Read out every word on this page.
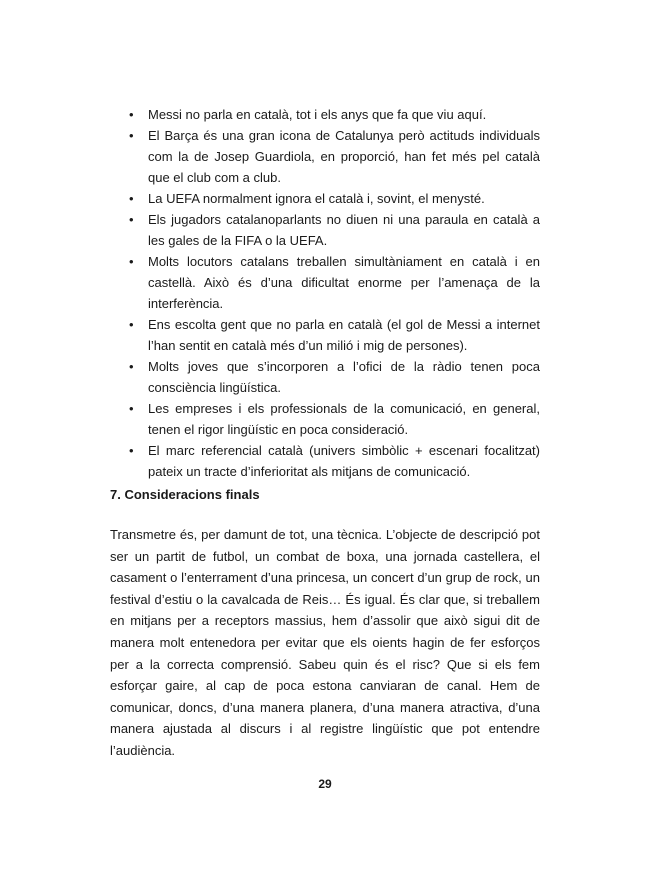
• Messi no parla en català, tot i els anys que fa que viu aquí.
• El Barça és una gran icona de Catalunya però actituds individuals com la de Josep Guardiola, en proporció, han fet més pel català que el club com a club.
• La UEFA normalment ignora el català i, sovint, el menysté.
• Els jugadors catalanoparlants no diuen ni una paraula en català a les gales de la FIFA o la UEFA.
• Molts locutors catalans treballen simultàniament en català i en castellà. Això és d’una dificultat enorme per l’amenaça de la interferència.
• Ens escolta gent que no parla en català (el gol de Messi a internet l’han sentit en català més d’un milió i mig de persones).
• Molts joves que s’incorporen a l’ofici de la ràdio tenen poca consciència lingüística.
• Les empreses i els professionals de la comunicació, en general, tenen el rigor lingüístic en poca consideració.
• El marc referencial català (univers simbòlic + escenari focalitzat) pateix un tracte d’inferioritat als mitjans de comunicació.
7. Consideracions finals

Transmetre és, per damunt de tot, una tècnica. L’objecte de descripció pot ser un partit de futbol, un combat de boxa, una jornada castellera, el casament o l’enterrament d’una princesa, un concert d’un grup de rock, un festival d’estiu o la cavalcada de Reis… És igual. És clar que, si treballem en mitjans per a receptors massius, hem d’assolir que això sigui dit de manera molt entenedora per evitar que els oients hagin de fer esforços per a la correcta comprensió. Sabeu quin és el risc? Que si els fem esforçar gaire, al cap de poca estona canviaran de canal. Hem de comunicar, doncs, d’una manera planera, d’una manera atractiva, d’una manera ajustada al discurs i al registre lingüístic que pot entendre l’audiència.

29
